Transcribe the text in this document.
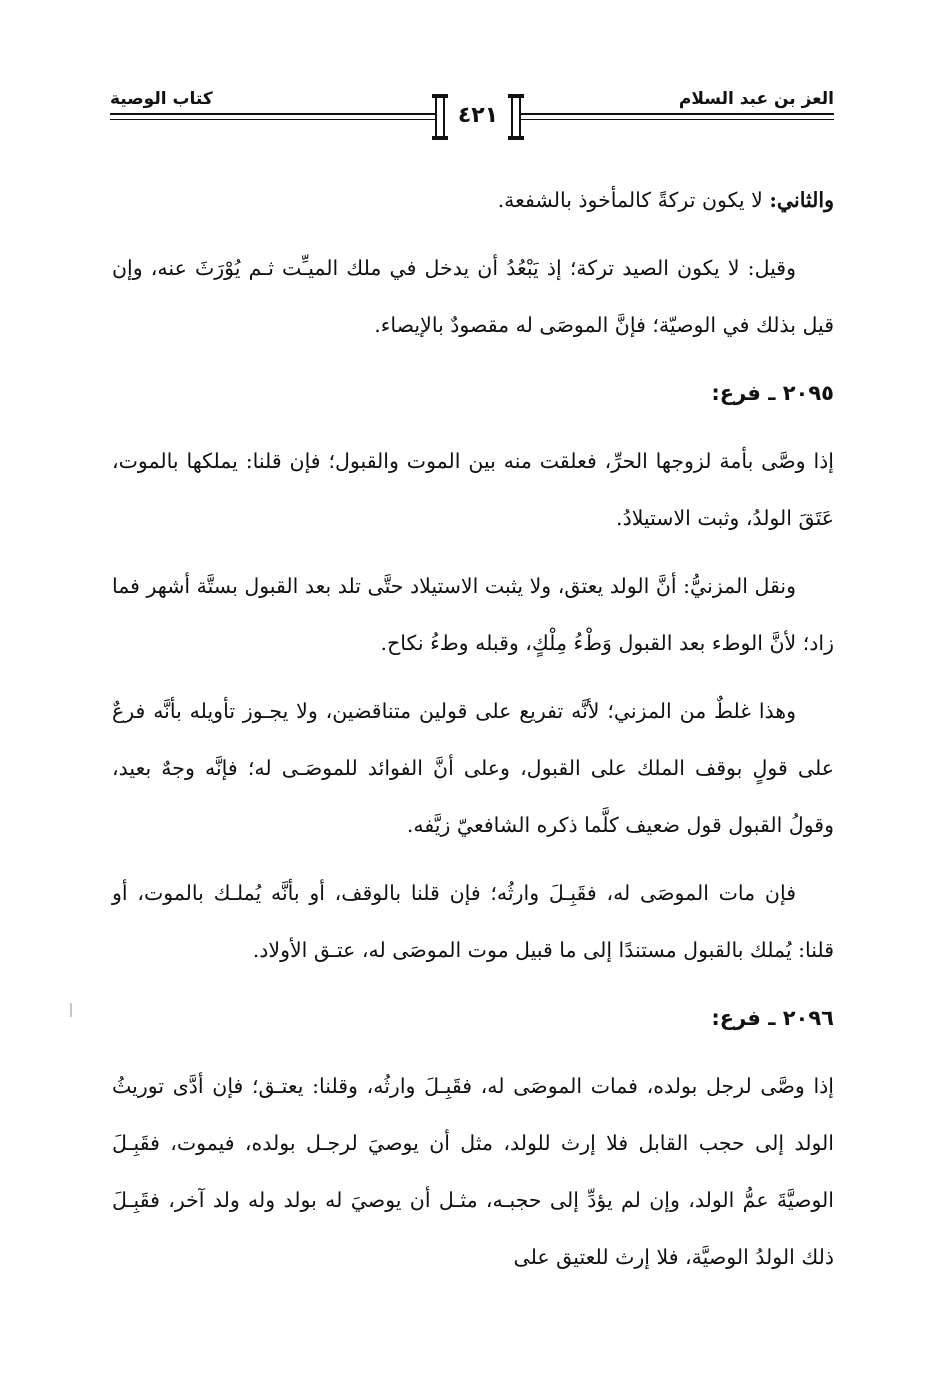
العز بن عبد السلام
كتاب الوصية
٤٢١

والثاني: لا يكون تركةً كالمأخوذ بالشفعة.

وقيل: لا يكون الصيد تركة؛ إذ يَبْعُدُ أن يدخل في ملك الميـِّت ثـم يُوْرَثَ عنه، وإن قيل بذلك في الوصيّة؛ فإنَّ الموصَى له مقصودٌ بالإيصاء.

٢٠٩٥ ـ فرع:

إذا وصَّى بأمة لزوجها الحرِّ، فعلقت منه بين الموت والقبول؛ فإن قلنا: يملكها بالموت، عَتَقَ الولدُ، وثبت الاستيلادُ.

ونقل المزنيُّ: أنَّ الولد يعتق، ولا يثبت الاستيلاد حتَّى تلد بعد القبول بستَّة أشهر فما زاد؛ لأنَّ الوطء بعد القبول وَطْءُ مِلْكٍ، وقبله وطءُ نكاح.

وهذا غلطٌ من المزني؛ لأنَّه تفريع على قولين متناقضين، ولا يجـوز تأويله بأنَّه فرعٌ على قولٍ بوقف الملك على القبول، وعلى أنَّ الفوائد للموصَـى له؛ فإنَّه وجهٌ بعيد، وقولُ القبول قول ضعيف كلَّما ذكره الشافعيّ زيَّفه.

فإن مات الموصَى له، فقَبِـلَ وارثُه؛ فإن قلنا بالوقف، أو بأنَّه يُملـك بالموت، أو قلنا: يُملك بالقبول مستندًا إلى ما قبيل موت الموصَى له، عتـق الأولاد.

٢٠٩٦ ـ فرع:

إذا وصَّى لرجل بولده، فمات الموصَى له، فقَبِـلَ وارثُه، وقلنا: يعتـق؛ فإن أدَّى توريثُ الولد إلى حجب القابل فلا إرث للولد، مثل أن يوصيَ لرجـل بولده، فيموت، فقَبِـلَ الوصيَّةَ عمُّ الولد، وإن لم يؤدِّ إلى حجبـه، مثـل أن يوصيَ له بولد وله ولد آخر، فقَبِـلَ ذلك الولدُ الوصيَّة، فلا إرث للعتيق على
